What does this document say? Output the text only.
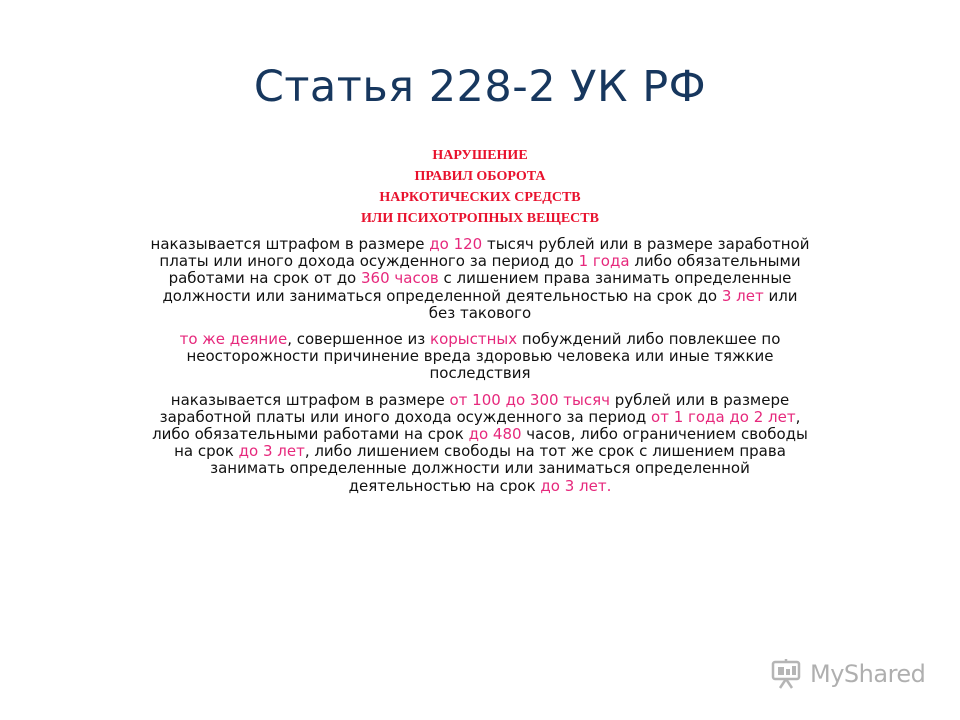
Статья 228-2 УК РФ
НАРУШЕНИЕ
ПРАВИЛ ОБОРОТА
НАРКОТИЧЕСКИХ СРЕДСТВ
ИЛИ ПСИХОТРОПНЫХ ВЕЩЕСТВ

наказывается штрафом в размере до 120 тысяч рублей или в размере заработной платы или иного дохода осужденного за период до 1 года либо обязательными работами на срок от до 360 часов с лишением права занимать определенные должности или заниматься определенной деятельностью на срок до 3 лет или без такового

то же деяние, совершенное из корыстных побуждений либо повлекшее по неосторожности причинение вреда здоровью человека или иные тяжкие последствия

наказывается штрафом в размере от 100 до 300 тысяч рублей или в размере заработной платы или иного дохода осужденного за период от 1 года до 2 лет, либо обязательными работами на срок до 480 часов, либо ограничением свободы на срок до 3 лет, либо лишением свободы на тот же срок с лишением права занимать определенные должности или заниматься определенной деятельностью на срок до 3 лет.

MyShared
